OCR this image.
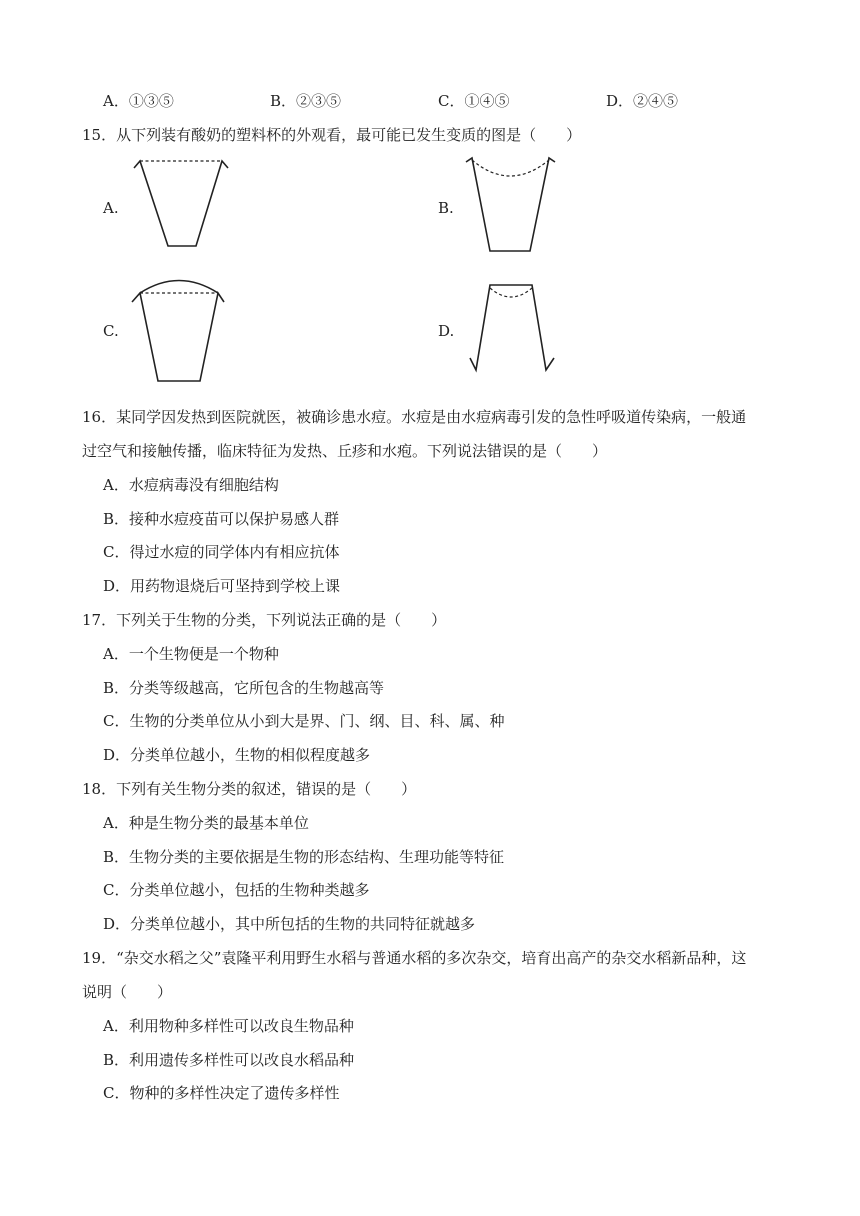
A．①③⑤	B．②③⑤	C．①④⑤	D．②④⑤
15．从下列装有酸奶的塑料杯的外观看，最可能已发生变质的图是（　　）
A.	B.
C.	D.
16．某同学因发热到医院就医，被确诊患水痘。水痘是由水痘病毒引发的急性呼吸道传染病，一般通
过空气和接触传播，临床特征为发热、丘疹和水疱。下列说法错误的是（　　）
A．水痘病毒没有细胞结构
B．接种水痘疫苗可以保护易感人群
C．得过水痘的同学体内有相应抗体
D．用药物退烧后可坚持到学校上课
17．下列关于生物的分类，下列说法正确的是（　　）
A．一个生物便是一个物种
B．分类等级越高，它所包含的生物越高等
C．生物的分类单位从小到大是界、门、纲、目、科、属、种
D．分类单位越小，生物的相似程度越多
18．下列有关生物分类的叙述，错误的是（　　）
A．种是生物分类的最基本单位
B．生物分类的主要依据是生物的形态结构、生理功能等特征
C．分类单位越小，包括的生物种类越多
D．分类单位越小，其中所包括的生物的共同特征就越多
19．“杂交水稻之父”袁隆平利用野生水稻与普通水稻的多次杂交，培育出高产的杂交水稻新品种，这
说明（　　）
A．利用物种多样性可以改良生物品种
B．利用遗传多样性可以改良水稻品种
C．物种的多样性决定了遗传多样性
